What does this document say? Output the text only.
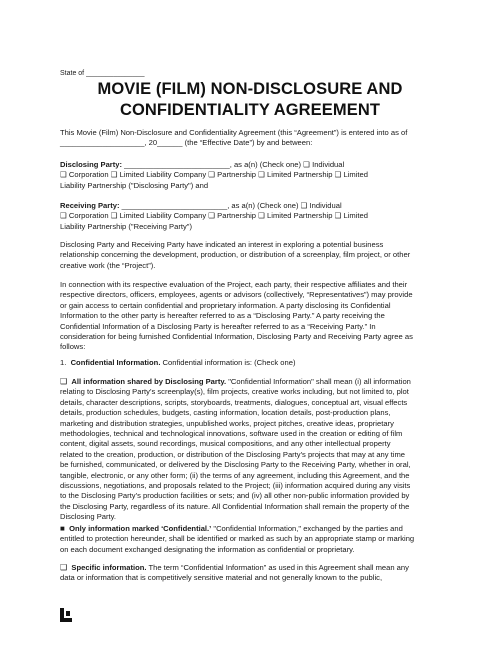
State of _______________
MOVIE (FILM) NON-DISCLOSURE AND
CONFIDENTIALITY AGREEMENT
This Movie (Film) Non-Disclosure and Confidentiality Agreement (this “Agreement”) is entered into as of
____________________, 20______ (the “Effective Date”) by and between:
Disclosing Party: _________________________, as a(n) (Check one) ❑ Individual
❑ Corporation ❑ Limited Liability Company ❑ Partnership ❑ Limited Partnership ❑ Limited
Liability Partnership ("Disclosing Party") and
Receiving Party: _________________________, as a(n) (Check one) ❑ Individual
❑ Corporation ❑ Limited Liability Company ❑ Partnership ❑ Limited Partnership ❑ Limited
Liability Partnership ("Receiving Party")
Disclosing Party and Receiving Party have indicated an interest in exploring a potential business
relationship concerning the development, production, or distribution of a screenplay, film project, or other
creative work (the “Project”).
In connection with its respective evaluation of the Project, each party, their respective affiliates and their
respective directors, officers, employees, agents or advisors (collectively, “Representatives”) may provide
or gain access to certain confidential and proprietary information. A party disclosing its Confidential
Information to the other party is hereafter referred to as a “Disclosing Party.” A party receiving the
Confidential Information of a Disclosing Party is hereafter referred to as a “Receiving Party.” In
consideration for being furnished Confidential Information, Disclosing Party and Receiving Party agree as
follows:
1. Confidential Information. Confidential information is: (Check one)
❑ All information shared by Disclosing Party. "Confidential Information" shall mean (i) all information
relating to Disclosing Party’s screenplay(s), film projects, creative works including, but not limited to, plot
details, character descriptions, scripts, storyboards, treatments, dialogues, conceptual art, visual effects
details, production schedules, budgets, casting information, location details, post-production plans,
marketing and distribution strategies, unpublished works, project pitches, creative ideas, proprietary
methodologies, technical and technological innovations, software used in the creation or editing of film
content, digital assets, sound recordings, musical compositions, and any other intellectual property
related to the creation, production, or distribution of the Disclosing Party's projects that may at any time
be furnished, communicated, or delivered by the Disclosing Party to the Receiving Party, whether in oral,
tangible, electronic, or any other form; (ii) the terms of any agreement, including this Agreement, and the
discussions, negotiations, and proposals related to the Project; (iii) information acquired during any visits
to the Disclosing Party’s production facilities or sets; and (iv) all other non-public information provided by
the Disclosing Party, regardless of its nature. All Confidential Information shall remain the property of the
Disclosing Party.
■ Only information marked ‘Confidential.’ "Confidential Information," exchanged by the parties and
entitled to protection hereunder, shall be identified or marked as such by an appropriate stamp or marking
on each document exchanged designating the information as confidential or proprietary.
❑ Specific information. The term “Confidential Information” as used in this Agreement shall mean any
data or information that is competitively sensitive material and not generally known to the public,
